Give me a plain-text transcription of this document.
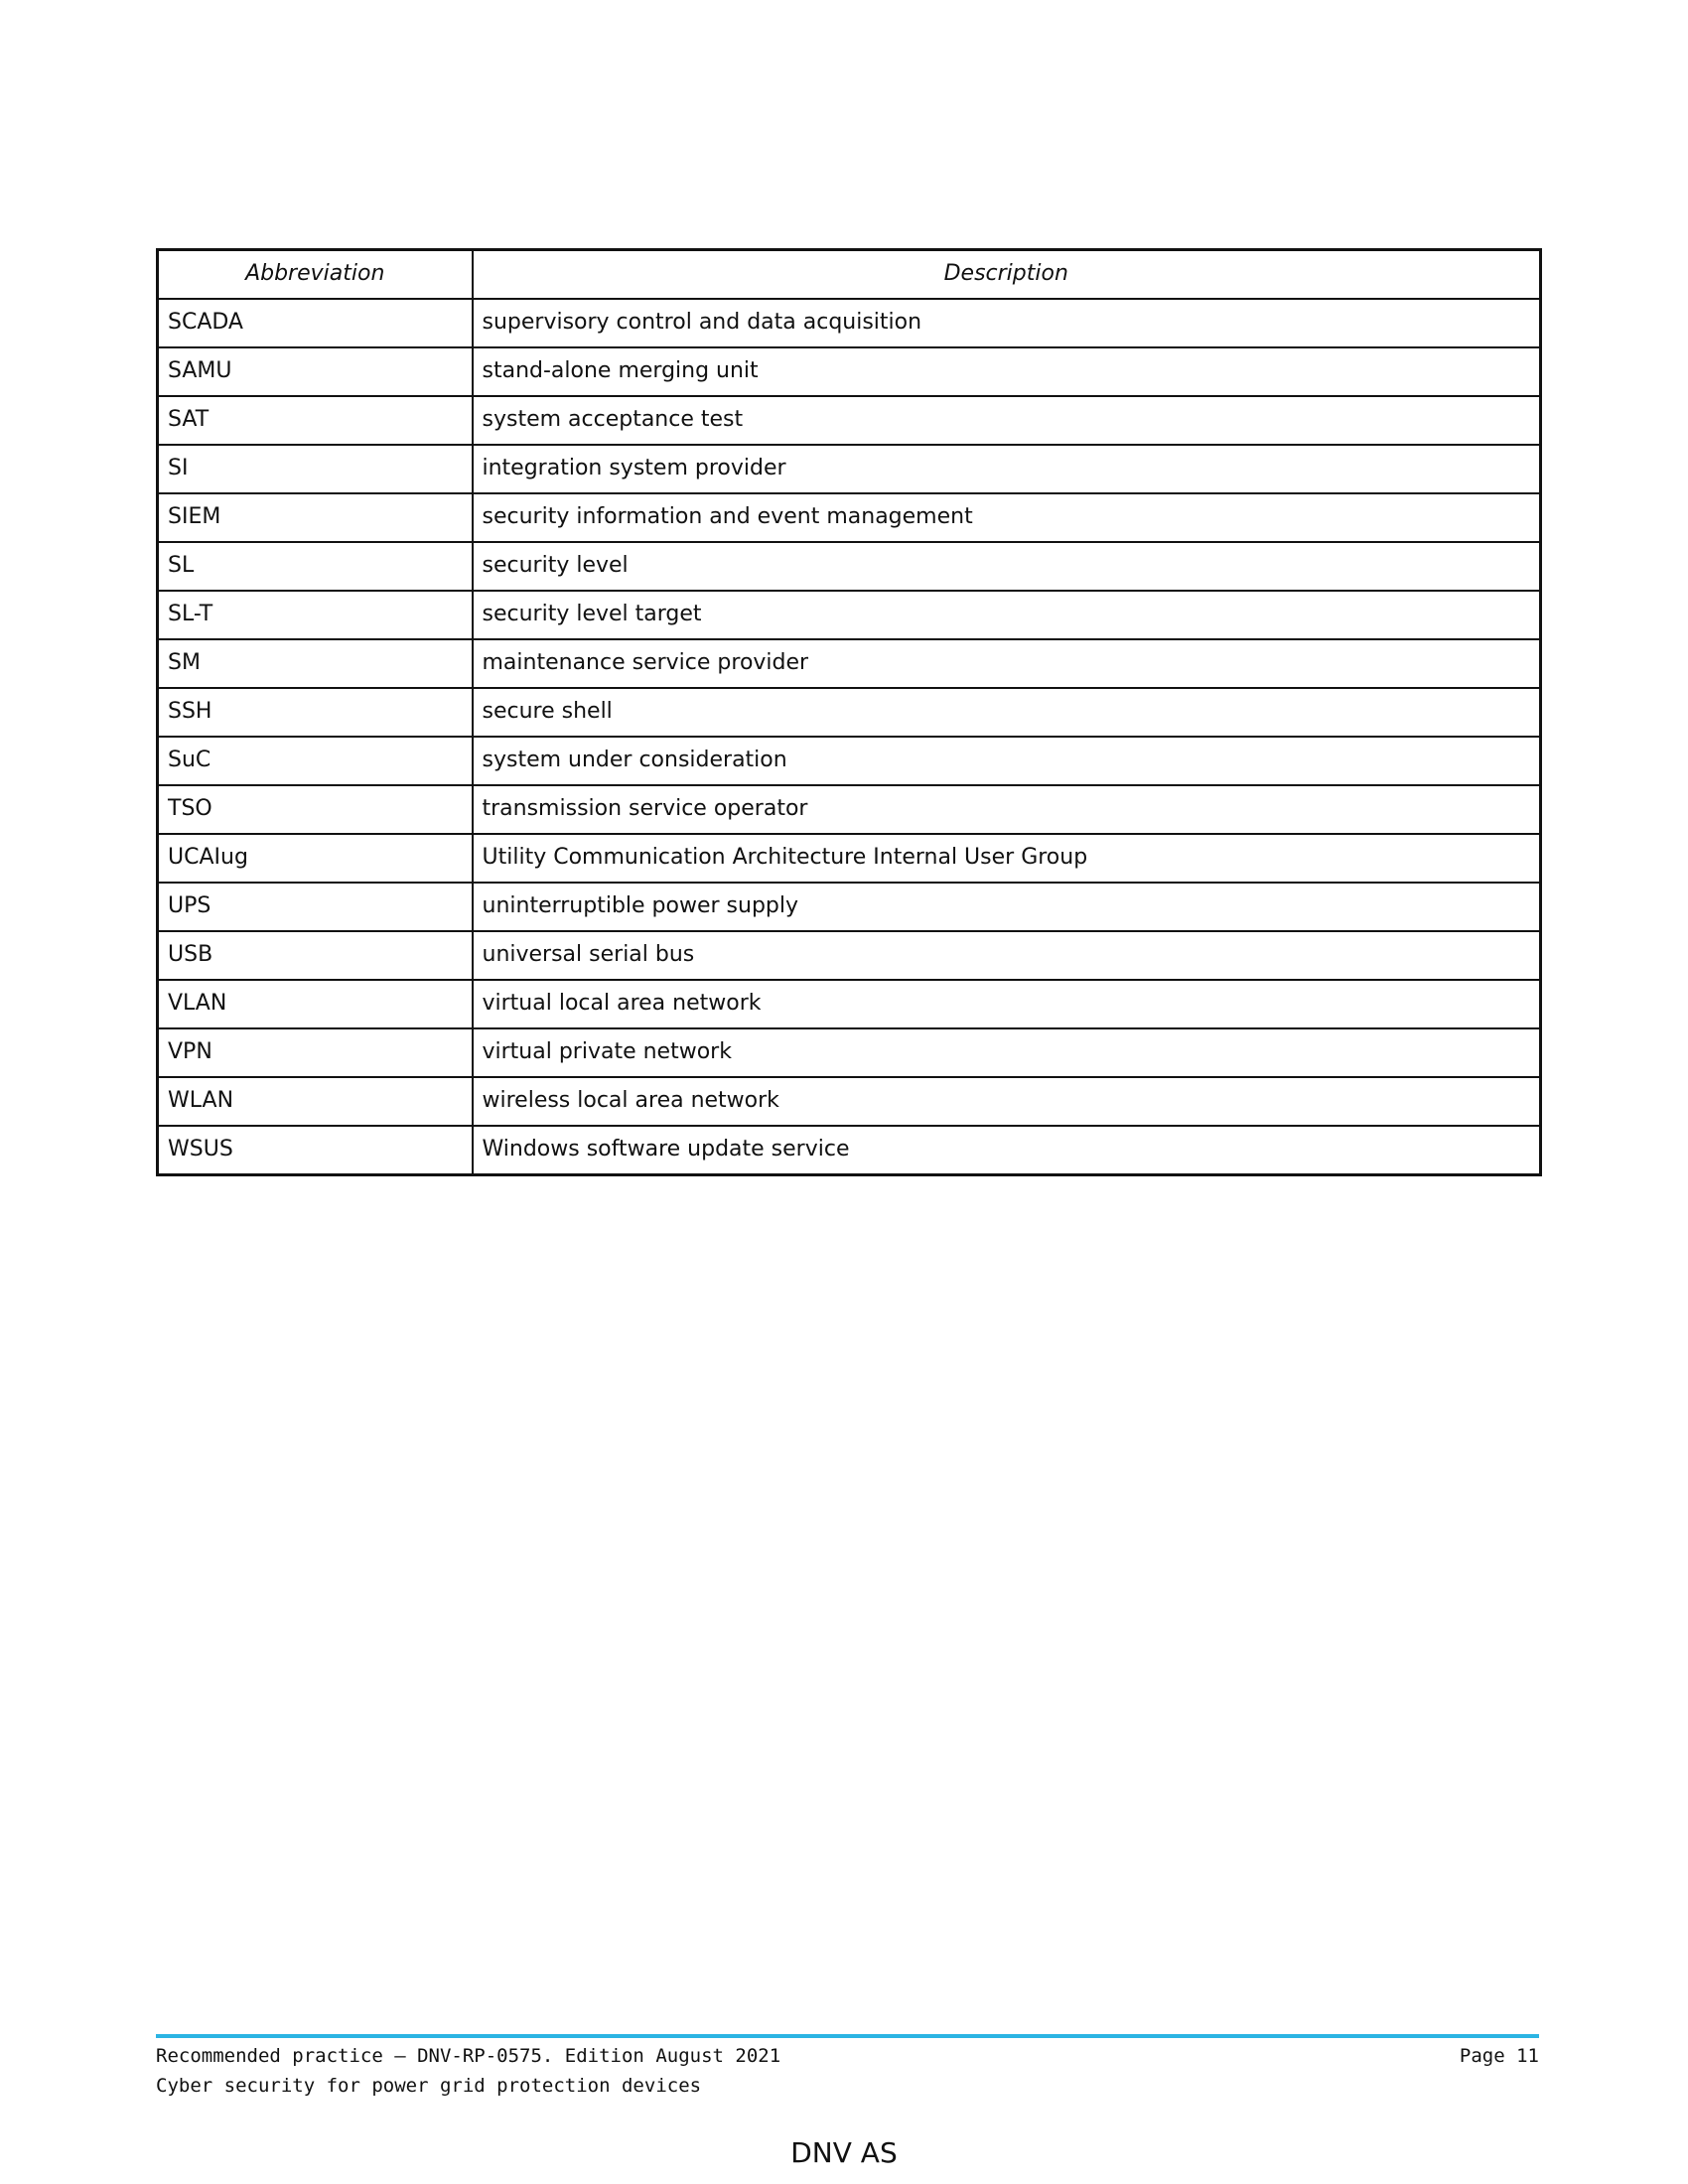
Abbreviation	Description
SCADA	supervisory control and data acquisition
SAMU	stand-alone merging unit
SAT	system acceptance test
SI	integration system provider
SIEM	security information and event management
SL	security level
SL-T	security level target
SM	maintenance service provider
SSH	secure shell
SuC	system under consideration
TSO	transmission service operator
UCAIug	Utility Communication Architecture Internal User Group
UPS	uninterruptible power supply
USB	universal serial bus
VLAN	virtual local area network
VPN	virtual private network
WLAN	wireless local area network
WSUS	Windows software update service
Recommended practice — DNV-RP-0575. Edition August 2021
Cyber security for power grid protection devices
Page 11
DNV AS
